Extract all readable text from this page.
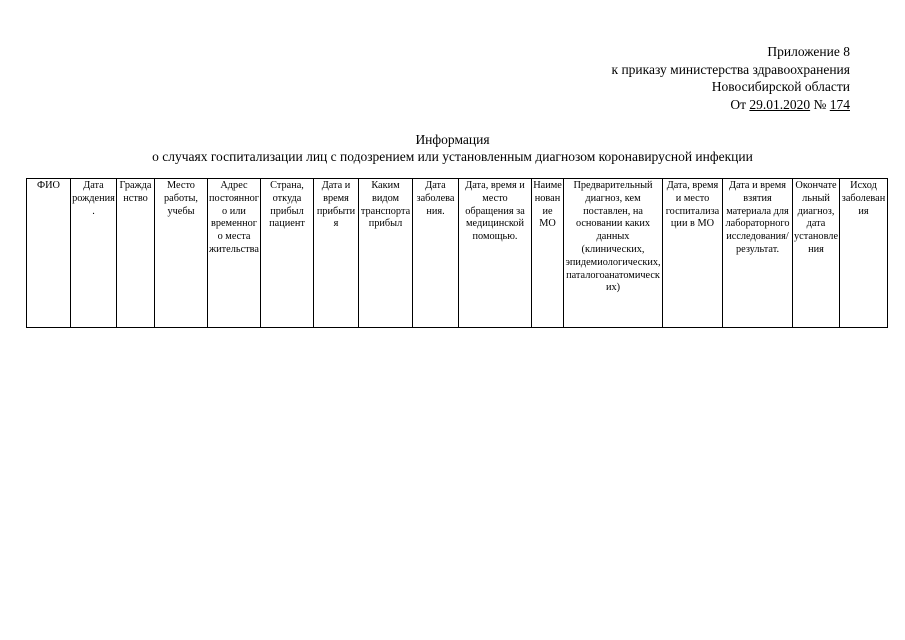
Приложение 8
к приказу министерства здравоохранения
Новосибирской области
От 29.01.2020 № 174
Информация
о случаях госпитализации лиц с подозрением или установленным диагнозом коронавирусной инфекции
ФИО	Дата рождения.	Гражданство	Место работы, учебы	Адрес постоянного или временного места жительства	Страна, откуда прибыл пациент	Дата и время прибытия	Каким видом транспорта прибыл	Дата заболевания.	Дата, время и место обращения за медицинской помощью.	Наименование МО	Предварительный диагноз, кем поставлен, на основании каких данных (клинических, эпидемиологических, паталогоанатомических)	Дата, время и место госпитализации в МО	Дата и время взятия материала для лабораторного исследования/ результат.	Окончательный диагноз, дата установления	Исход заболевания
